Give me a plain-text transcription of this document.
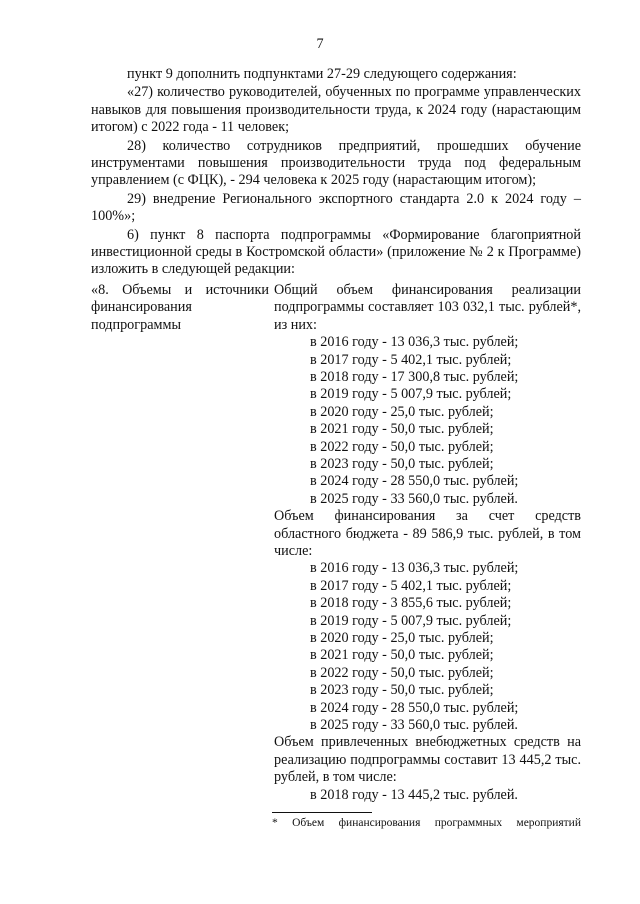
7

пункт 9 дополнить подпунктами 27-29 следующего содержания:

«27) количество руководителей, обученных по программе управленческих навыков для повышения производительности труда, к 2024 году (нарастающим итогом) с 2022 года - 11 человек;

28) количество сотрудников предприятий, прошедших обучение инструментами повышения производительности труда под федеральным управлением (с ФЦК), - 294 человека к 2025 году (нарастающим итогом);

29) внедрение Регионального экспортного стандарта 2.0 к 2024 году – 100%»;

6) пункт 8 паспорта подпрограммы «Формирование благоприятной инвестиционной среды в Костромской области» (приложение № 2 к Программе) изложить в следующей редакции:

«8. Объемы и источники
финансирования
подпрограммы

Общий объем финансирования реализации подпрограммы составляет 103 032,1 тыс. рублей*, из них:

в 2016 году - 13 036,3 тыс. рублей;
в 2017 году - 5 402,1 тыс. рублей;
в 2018 году - 17 300,8 тыс. рублей;
в 2019 году - 5 007,9 тыс. рублей;
в 2020 году - 25,0 тыс. рублей;
в 2021 году - 50,0 тыс. рублей;
в 2022 году - 50,0 тыс. рублей;
в 2023 году - 50,0 тыс. рублей;
в 2024 году - 28 550,0 тыс. рублей;
в 2025 году - 33 560,0 тыс. рублей.

Объем финансирования за счет средств областного бюджета - 89 586,9 тыс. рублей, в том числе:

в 2016 году - 13 036,3 тыс. рублей;
в 2017 году - 5 402,1 тыс. рублей;
в 2018 году - 3 855,6 тыс. рублей;
в 2019 году - 5 007,9 тыс. рублей;
в 2020 году - 25,0 тыс. рублей;
в 2021 году - 50,0 тыс. рублей;
в 2022 году - 50,0 тыс. рублей;
в 2023 году - 50,0 тыс. рублей;
в 2024 году - 28 550,0 тыс. рублей;
в 2025 году - 33 560,0 тыс. рублей.

Объем привлеченных внебюджетных средств на реализацию подпрограммы составит 13 445,2 тыс. рублей, в том числе:

в 2018 году - 13 445,2 тыс. рублей.
* Объем финансирования программных мероприятий
